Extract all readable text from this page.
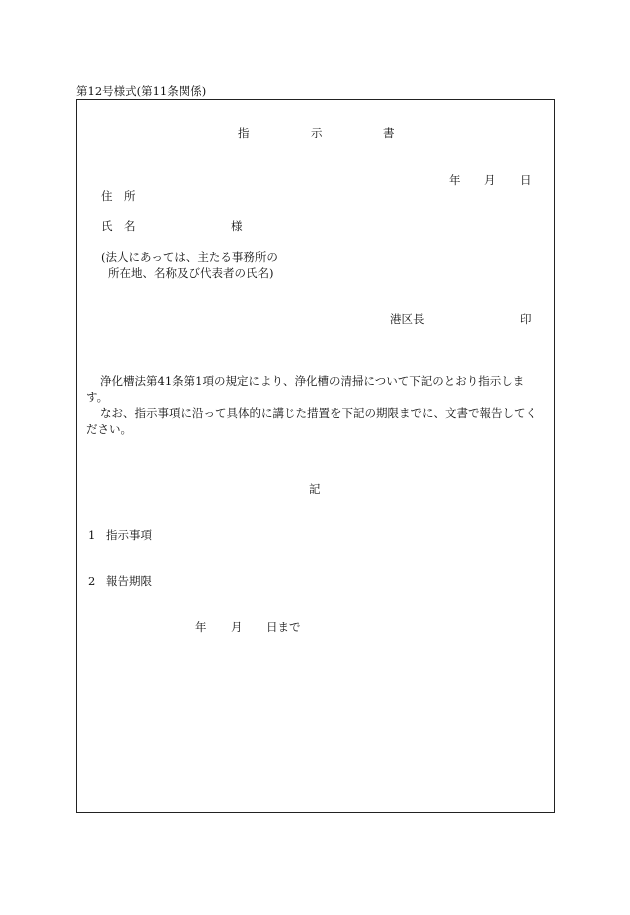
第12号様式(第11条関係)
指	示	書
年 月 日
住 所
氏 名	様
(法人にあっては、主たる事務所の
所在地、名称及び代表者の氏名)
港区長	印
浄化槽法第41条第1項の規定により、浄化槽の清掃について下記のとおり指示します。
なお、指示事項に沿って具体的に講じた措置を下記の期限までに、文書で報告してください。
記
1 指示事項
2 報告期限
年 月 日まで
